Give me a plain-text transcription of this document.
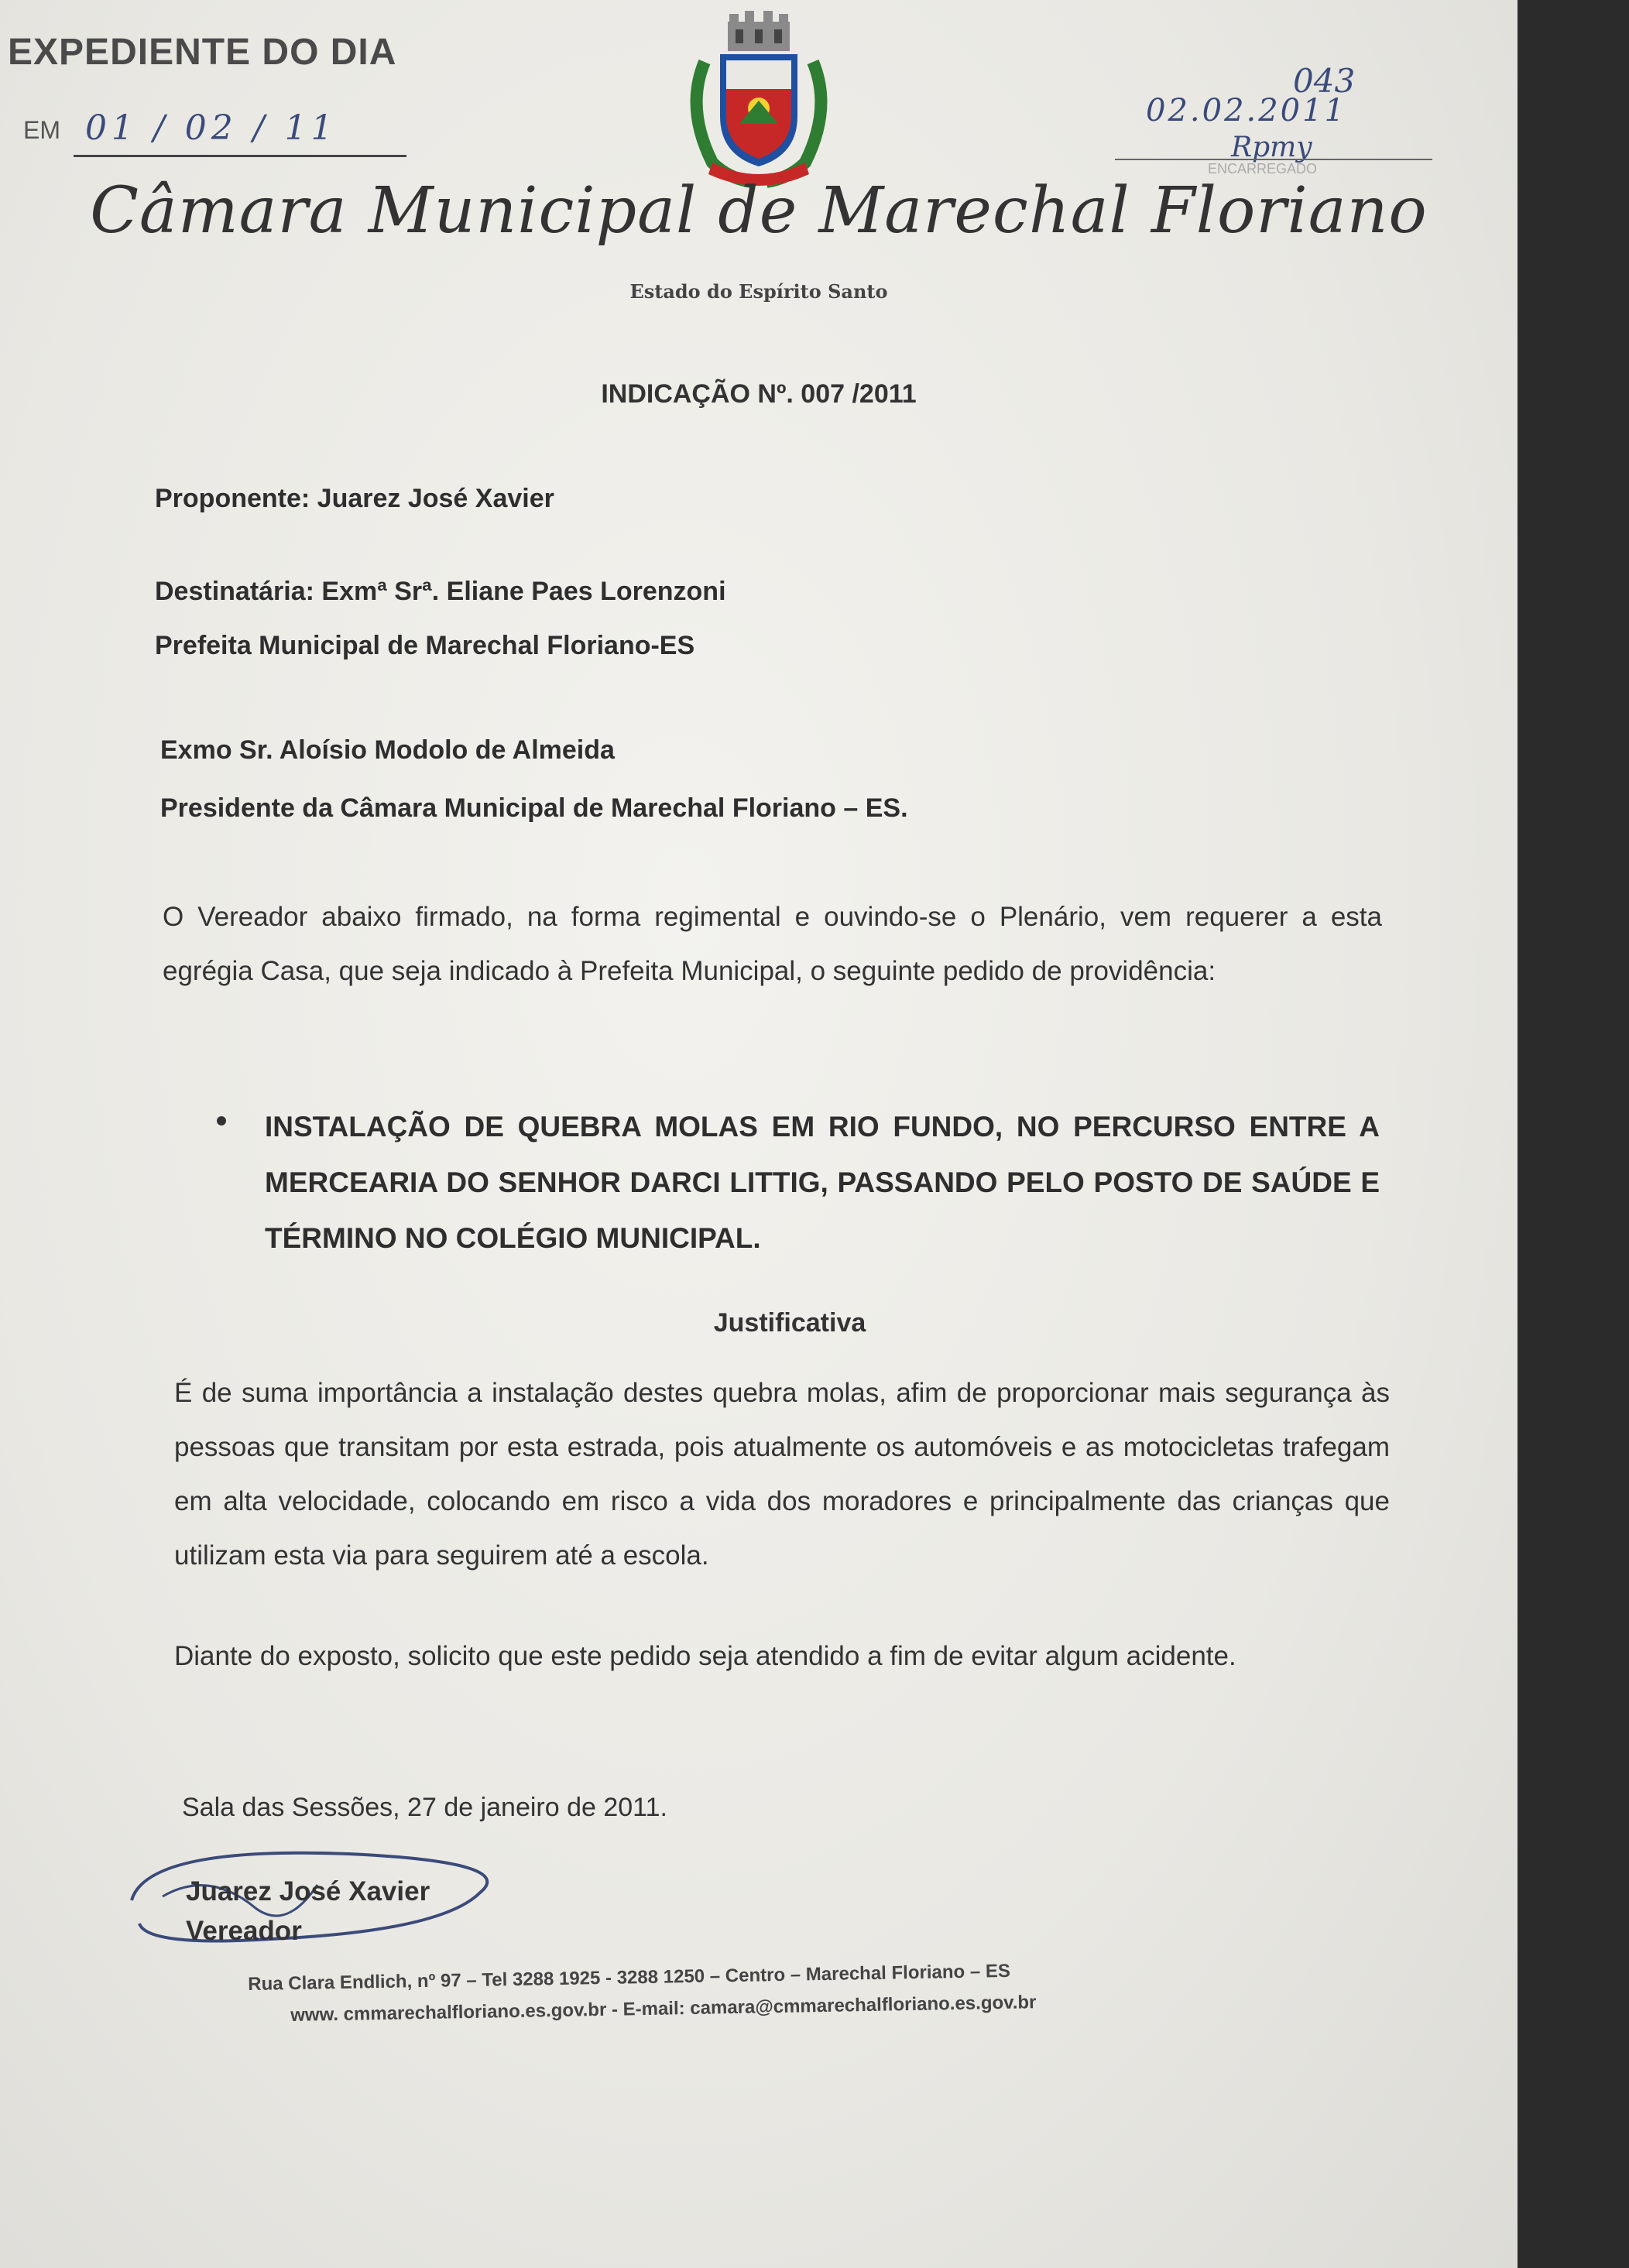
EXPEDIENTE DO DIA
EM 01 / 02 / 11
043
02.02.2011
Rpmy
ENCARREGADO
Câmara Municipal de Marechal Floriano
Estado do Espírito Santo
INDICAÇÃO Nº. 007 /2011
Proponente: Juarez José Xavier
Destinatária: Exmª Srª. Eliane Paes Lorenzoni
Prefeita Municipal de Marechal Floriano-ES
Exmo Sr. Aloísio Modolo de Almeida
Presidente da Câmara Municipal de Marechal Floriano – ES.
O Vereador abaixo firmado, na forma regimental e ouvindo-se o Plenário, vem requerer a esta egrégia Casa, que seja indicado à Prefeita Municipal, o seguinte pedido de providência:
INSTALAÇÃO DE QUEBRA MOLAS EM RIO FUNDO, NO PERCURSO ENTRE A MERCEARIA DO SENHOR DARCI LITTIG, PASSANDO PELO POSTO DE SAÚDE E TÉRMINO NO COLÉGIO MUNICIPAL.
Justificativa
É de suma importância a instalação destes quebra molas, afim de proporcionar mais segurança às pessoas que transitam por esta estrada, pois atualmente os automóveis e as motocicletas trafegam em alta velocidade, colocando em risco a vida dos moradores e principalmente das crianças que utilizam esta via para seguirem até a escola.
Diante do exposto, solicito que este pedido seja atendido a fim de evitar algum acidente.
Sala das Sessões, 27 de janeiro de 2011.
Juarez José Xavier
Vereador
Rua Clara Endlich, nº 97 – Tel 3288 1925 - 3288 1250 – Centro – Marechal Floriano – ES
www. cmmarechalfloriano.es.gov.br - E-mail: camara@cmmarechalfloriano.es.gov.br
